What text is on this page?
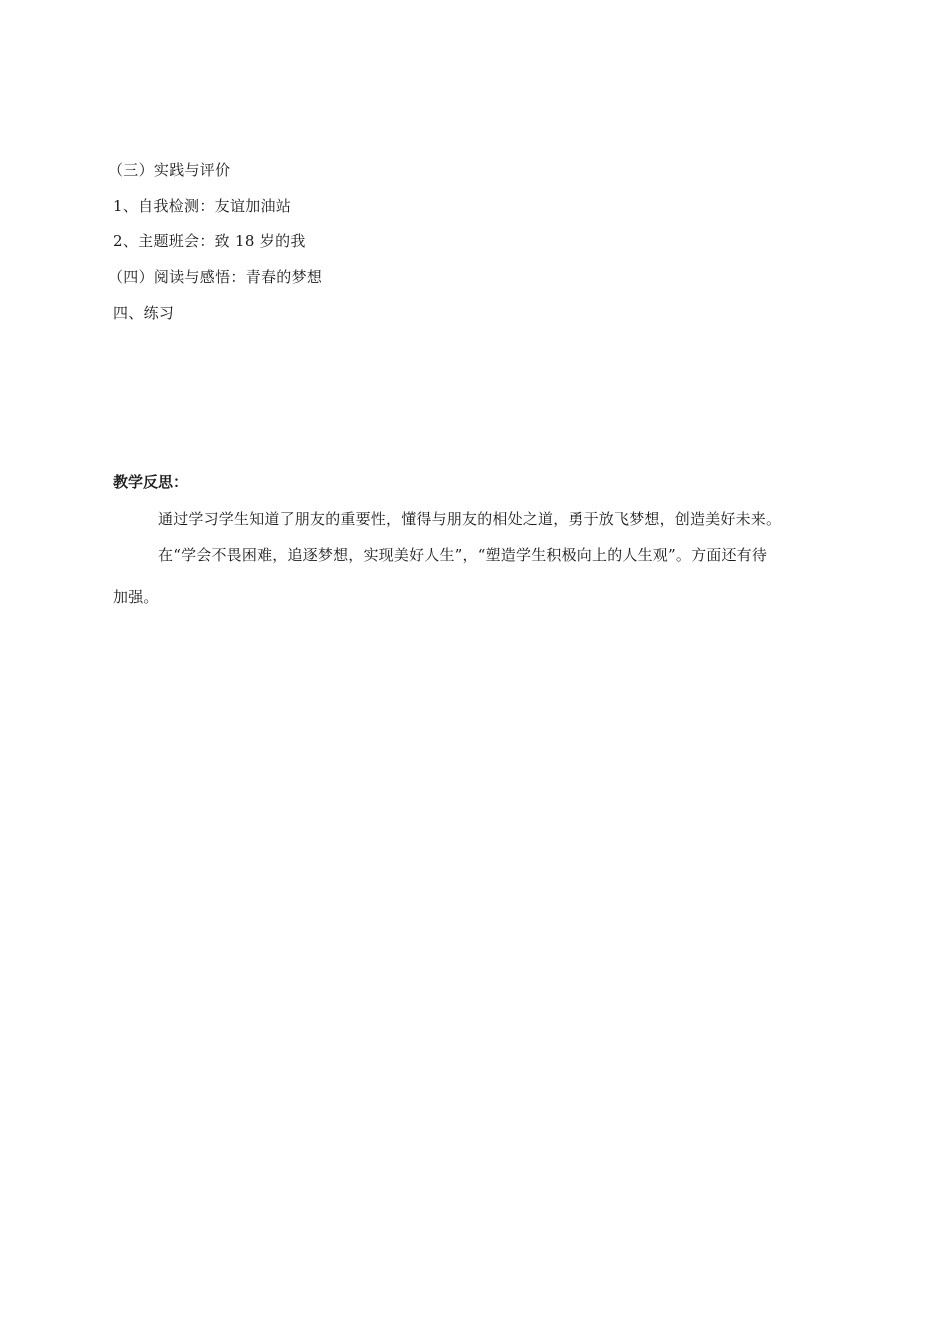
（三）实践与评价
1、自我检测：友谊加油站
2、主题班会：致 18 岁的我
（四）阅读与感悟：青春的梦想
四、练习
教学反思：
通过学习学生知道了朋友的重要性，懂得与朋友的相处之道，勇于放飞梦想，创造美好未来。
在“学会不畏困难，追逐梦想，实现美好人生”，“塑造学生积极向上的人生观”。方面还有待
加强。
